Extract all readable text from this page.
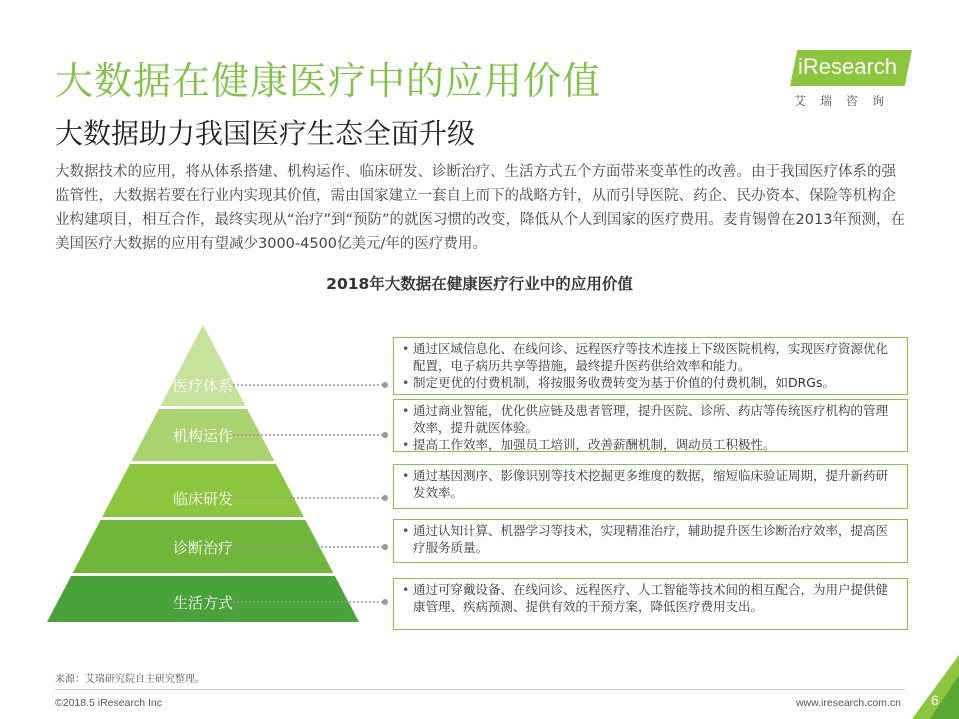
大数据在健康医疗中的应用价值
大数据助力我国医疗生态全面升级
iResearch
艾瑞咨询
大数据技术的应用，将从体系搭建、机构运作、临床研发、诊断治疗、生活方式五个方面带来变革性的改善。由于我国医疗体系的强监管性，大数据若要在行业内实现其价值，需由国家建立一套自上而下的战略方针，从而引导医院、药企、民办资本、保险等机构企业构建项目，相互合作，最终实现从“治疗”到“预防”的就医习惯的改变，降低从个人到国家的医疗费用。麦肯锡曾在2013年预测，在美国医疗大数据的应用有望减少3000-4500亿美元/年的医疗费用。
2018年大数据在健康医疗行业中的应用价值
医疗体系
机构运作
临床研发
诊断治疗
生活方式
• 通过区域信息化、在线问诊、远程医疗等技术连接上下级医院机构，实现医疗资源优化配置，电子病历共享等措施，最终提升医药供给效率和能力。
• 制定更优的付费机制，将按服务收费转变为基于价值的付费机制，如DRGs。
• 通过商业智能，优化供应链及患者管理，提升医院、诊所、药店等传统医疗机构的管理效率，提升就医体验。
• 提高工作效率，加强员工培训，改善薪酬机制，调动员工积极性。
• 通过基因测序、影像识别等技术挖掘更多维度的数据，缩短临床验证周期，提升新药研发效率。
• 通过认知计算、机器学习等技术，实现精准治疗，辅助提升医生诊断治疗效率，提高医疗服务质量。
• 通过可穿戴设备、在线问诊、远程医疗、人工智能等技术间的相互配合，为用户提供健康管理、疾病预测、提供有效的干预方案，降低医疗费用支出。
来源：艾瑞研究院自主研究整理。
©2018.5 iResearch Inc	www.iresearch.com.cn 6
